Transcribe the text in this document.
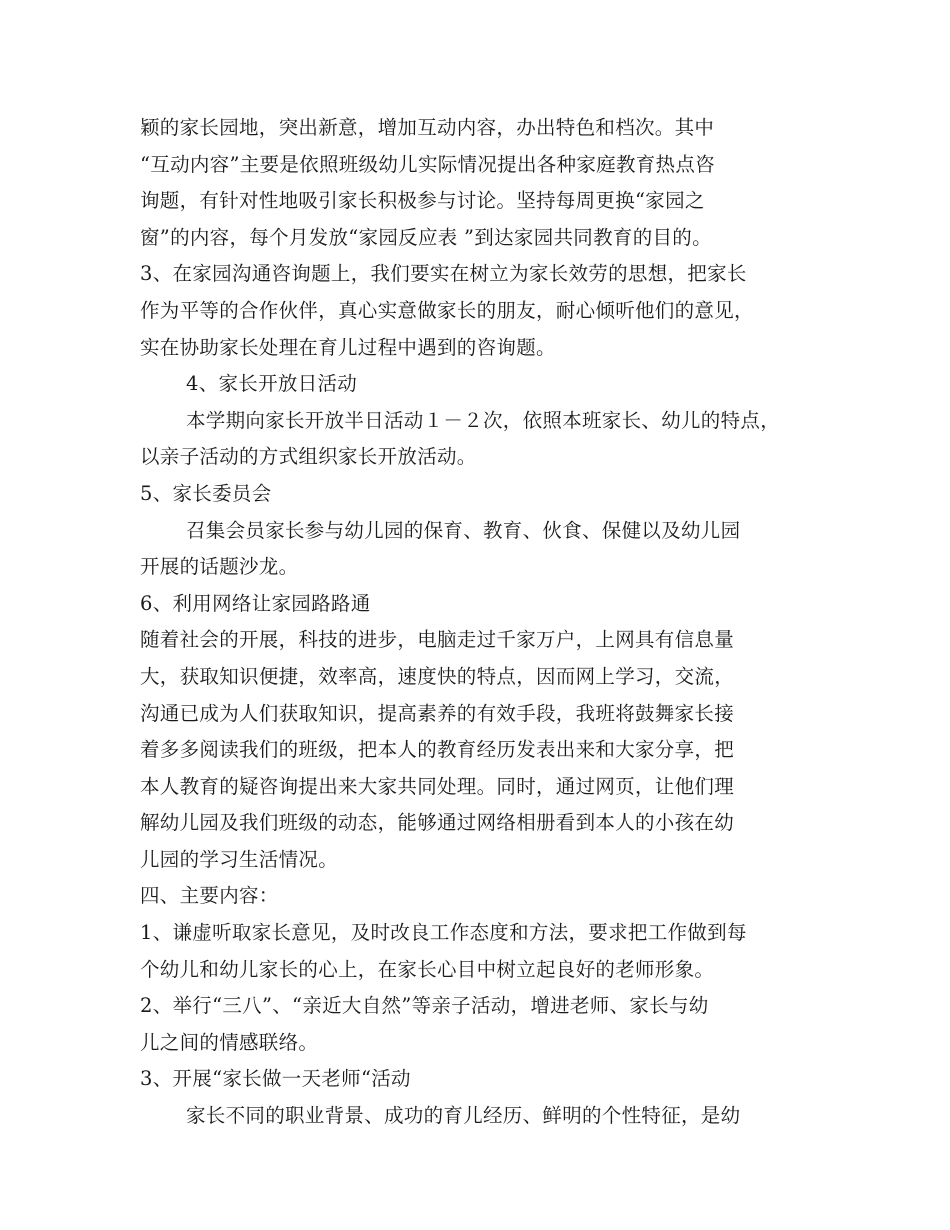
颖的家长园地，突出新意，增加互动内容，办出特色和档次。其中
“互动内容”主要是依照班级幼儿实际情况提出各种家庭教育热点咨
询题，有针对性地吸引家长积极参与讨论。坚持每周更换“家园之
窗”的内容，每个月发放“家园反应表 ”到达家园共同教育的目的。
3、在家园沟通咨询题上，我们要实在树立为家长效劳的思想，把家长
作为平等的合作伙伴，真心实意做家长的朋友，耐心倾听他们的意见，
实在协助家长处理在育儿过程中遇到的咨询题。
4、家长开放日活动
本学期向家长开放半日活动１－２次，依照本班家长、幼儿的特点，
以亲子活动的方式组织家长开放活动。
5、家长委员会
召集会员家长参与幼儿园的保育、教育、伙食、保健以及幼儿园
开展的话题沙龙。
6、利用网络让家园路路通
随着社会的开展，科技的进步，电脑走过千家万户，上网具有信息量
大，获取知识便捷，效率高，速度快的特点，因而网上学习，交流，
沟通已成为人们获取知识，提高素养的有效手段，我班将鼓舞家长接
着多多阅读我们的班级，把本人的教育经历发表出来和大家分享，把
本人教育的疑咨询提出来大家共同处理。同时，通过网页，让他们理
解幼儿园及我们班级的动态，能够通过网络相册看到本人的小孩在幼
儿园的学习生活情况。
四、主要内容：
1、谦虚听取家长意见，及时改良工作态度和方法，要求把工作做到每
个幼儿和幼儿家长的心上，在家长心目中树立起良好的老师形象。
2、举行“三八”、“亲近大自然”等亲子活动，增进老师、家长与幼
儿之间的情感联络。
3、开展“家长做一天老师“活动
家长不同的职业背景、成功的育儿经历、鲜明的个性特征，是幼
